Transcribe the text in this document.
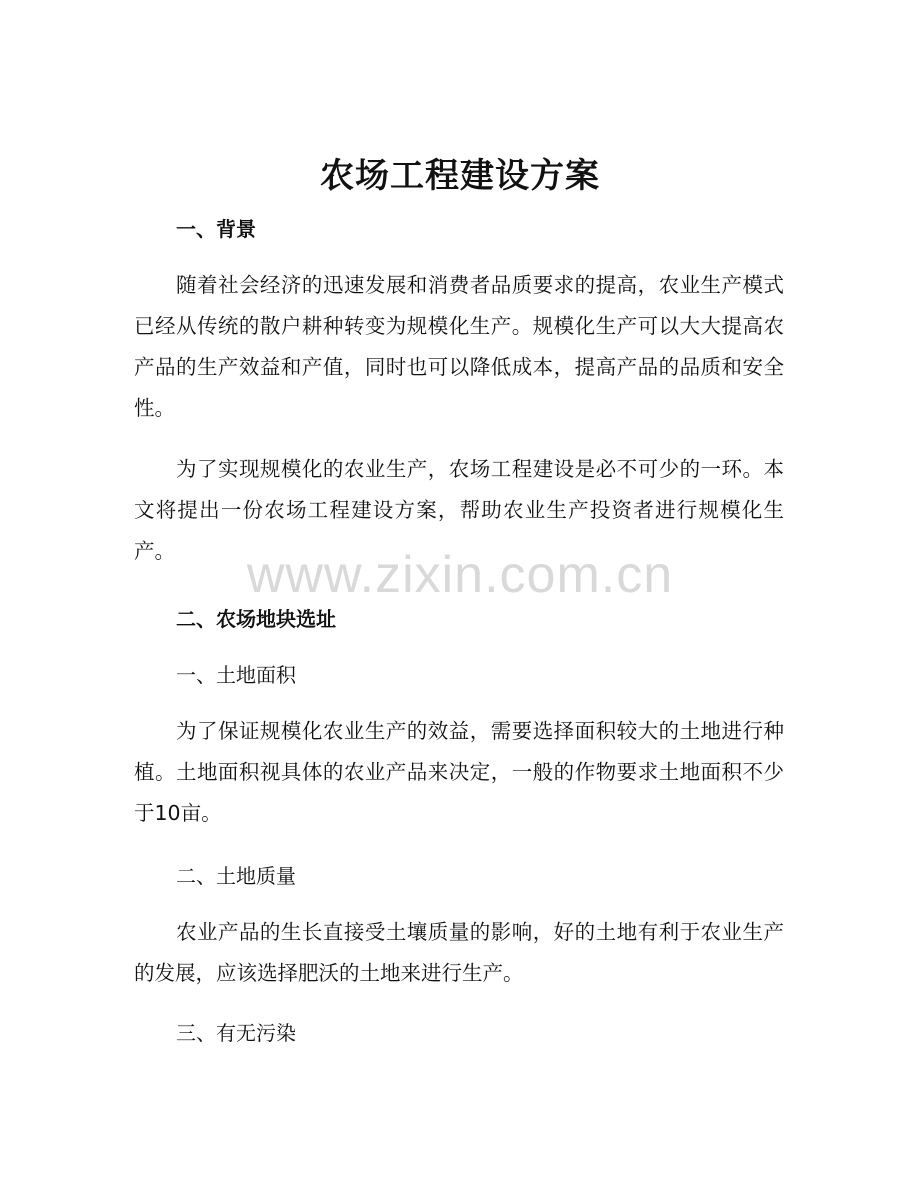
农场工程建设方案
一、背景
随着社会经济的迅速发展和消费者品质要求的提高，农业生产模式已经从传统的散户耕种转变为规模化生产。规模化生产可以大大提高农产品的生产效益和产值，同时也可以降低成本，提高产品的品质和安全性。
为了实现规模化的农业生产，农场工程建设是必不可少的一环。本文将提出一份农场工程建设方案，帮助农业生产投资者进行规模化生产。
二、农场地块选址
一、土地面积
为了保证规模化农业生产的效益，需要选择面积较大的土地进行种植。土地面积视具体的农业产品来决定，一般的作物要求土地面积不少于10亩。
二、土地质量
农业产品的生长直接受土壤质量的影响，好的土地有利于农业生产的发展，应该选择肥沃的土地来进行生产。
三、有无污染
www.zixin.com.cn
